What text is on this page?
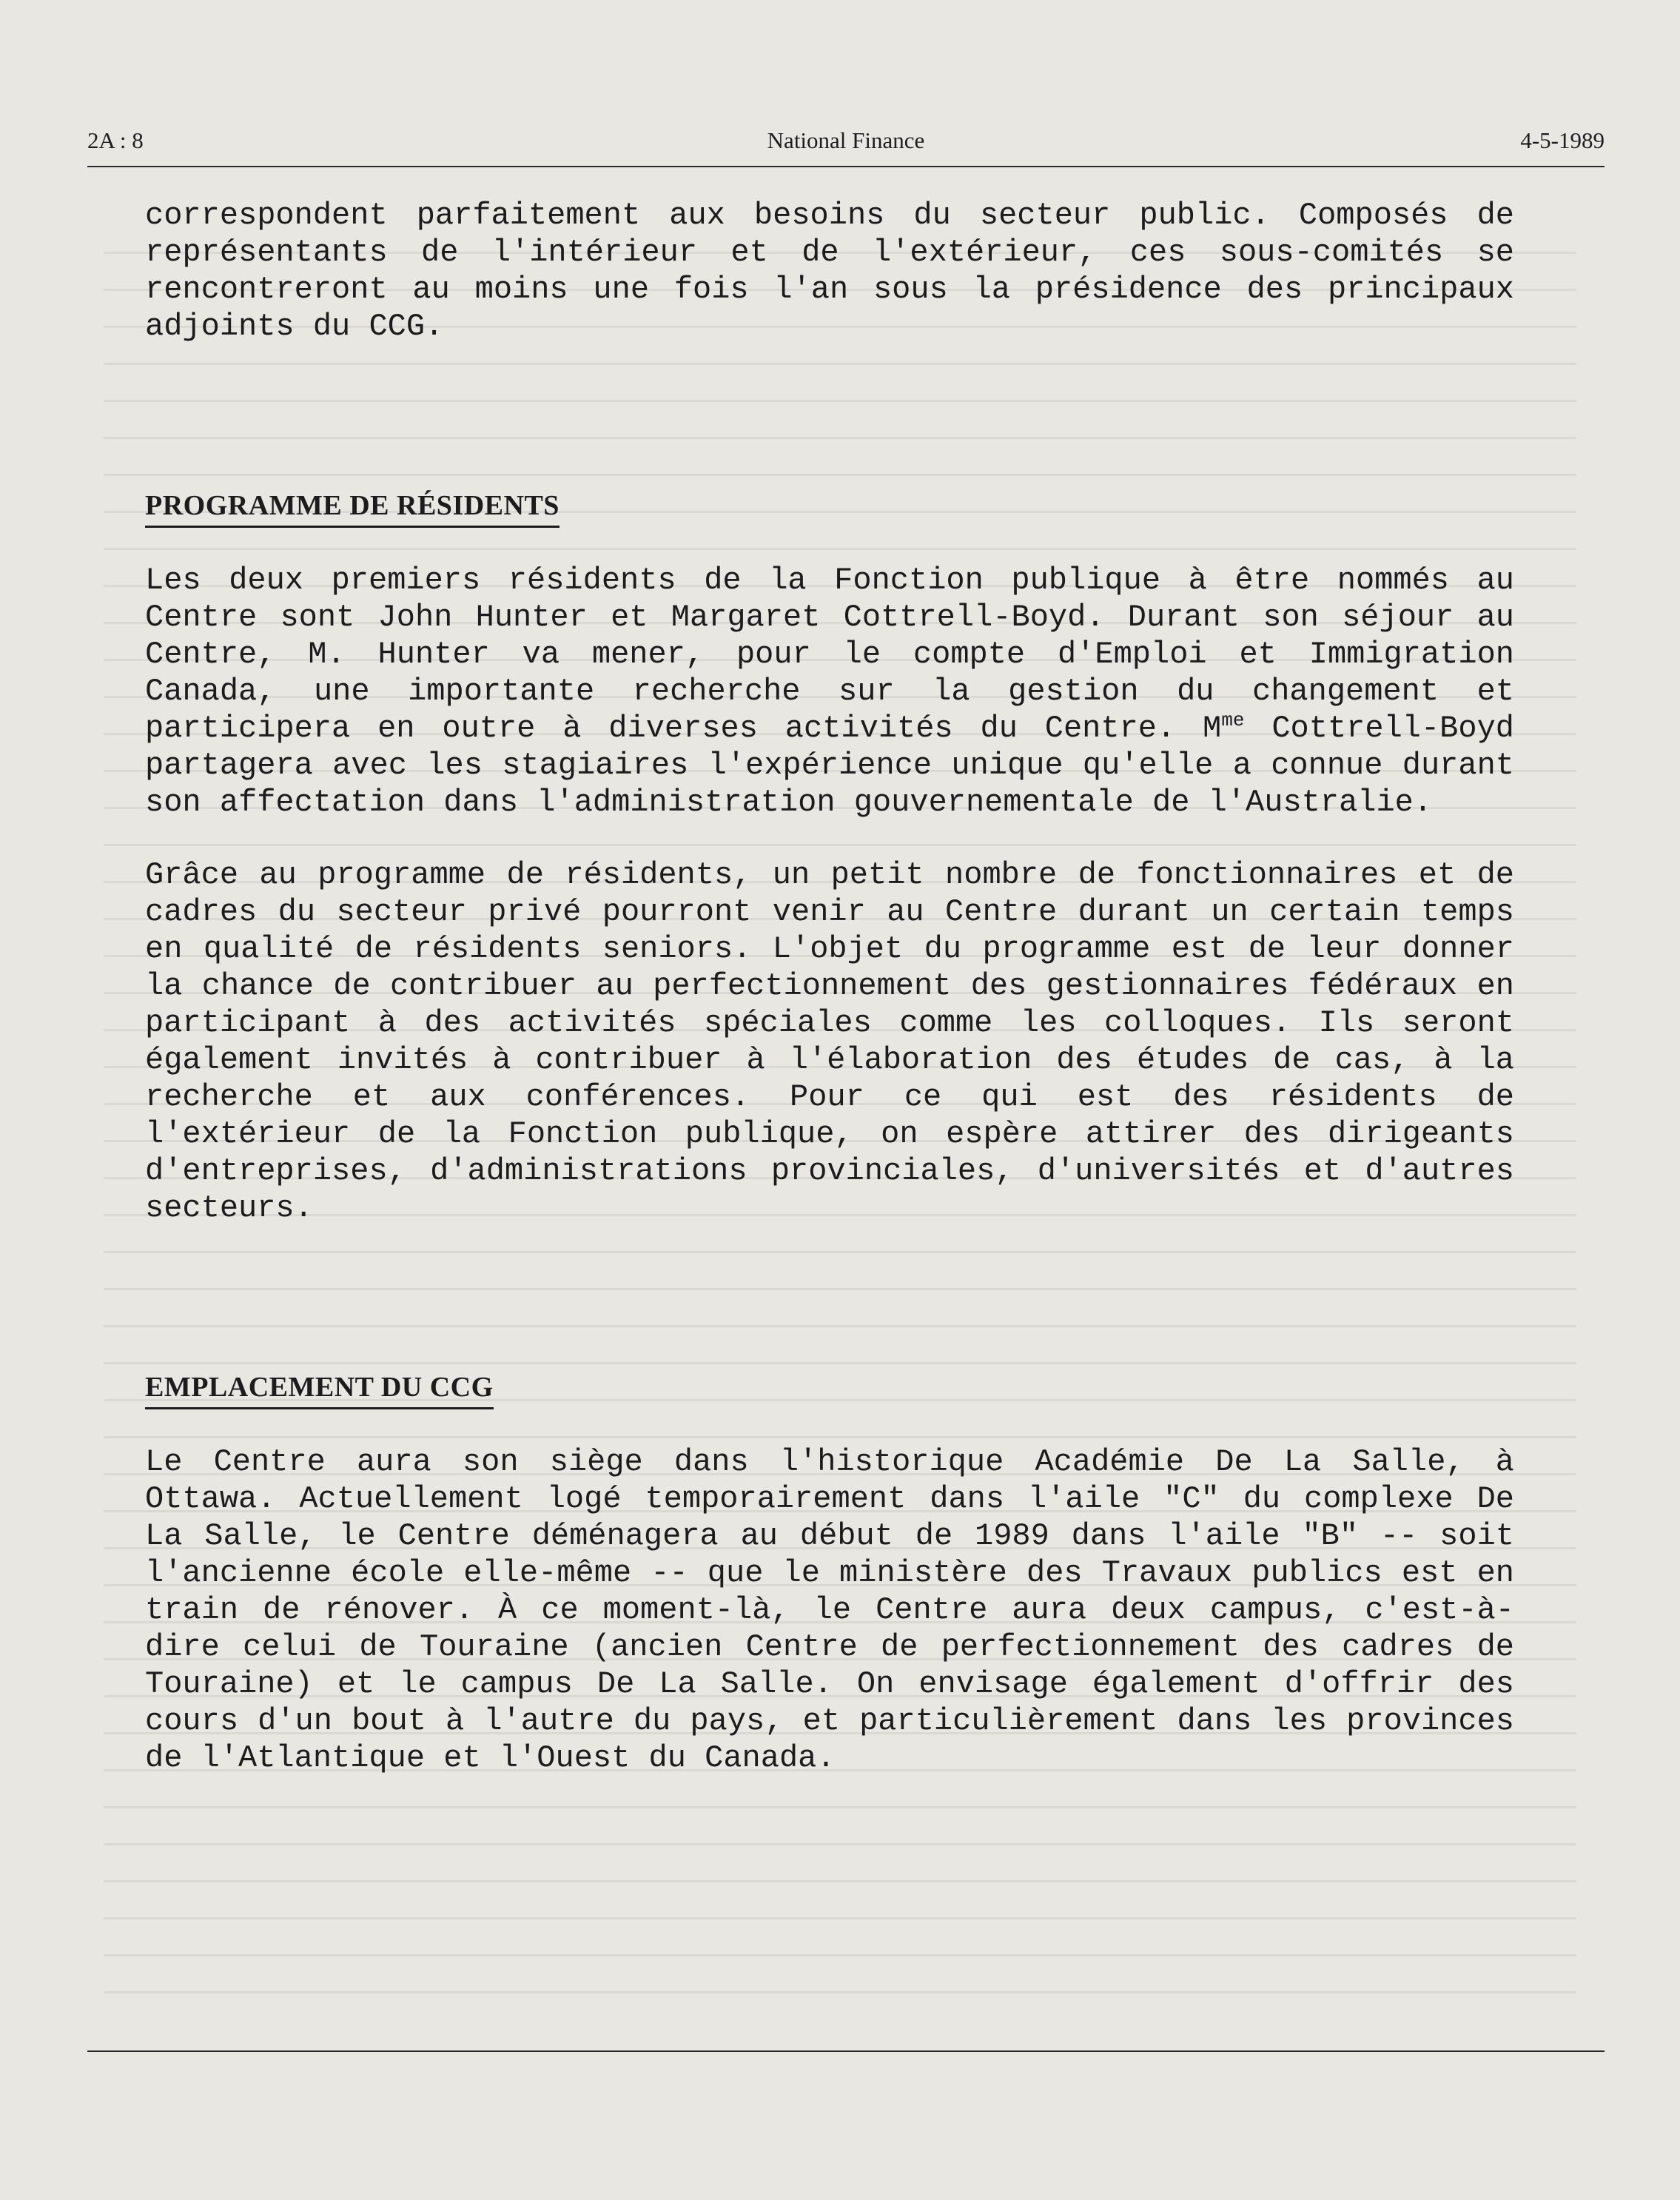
2A : 8	National Finance	4-5-1989

correspondent parfaitement aux besoins du secteur public. Composés de représentants de l'intérieur et de l'extérieur, ces sous-comités se rencontreront au moins une fois l'an sous la présidence des principaux adjoints du CCG.

PROGRAMME DE RÉSIDENTS

Les deux premiers résidents de la Fonction publique à être nommés au Centre sont John Hunter et Margaret Cottrell-Boyd. Durant son séjour au Centre, M. Hunter va mener, pour le compte d'Emploi et Immigration Canada, une importante recherche sur la gestion du changement et participera en outre à diverses activités du Centre. $M^{me}$ Cottrell-Boyd partagera avec les stagiaires l'expérience unique qu'elle a connue durant son affectation dans l'administration gouvernementale de l'Australie.

Grâce au programme de résidents, un petit nombre de fonctionnaires et de cadres du secteur privé pourront venir au Centre durant un certain temps en qualité de résidents seniors. L'objet du programme est de leur donner la chance de contribuer au perfectionnement des gestionnaires fédéraux en participant à des activités spéciales comme les colloques. Ils seront également invités à contribuer à l'élaboration des études de cas, à la recherche et aux conférences. Pour ce qui est des résidents de l'extérieur de la Fonction publique, on espère attirer des dirigeants d'entreprises, d'administrations provinciales, d'universités et d'autres secteurs.

EMPLACEMENT DU CCG

Le Centre aura son siège dans l'historique Académie De La Salle, à Ottawa. Actuellement logé temporairement dans l'aile "C" du complexe De La Salle, le Centre déménagera au début de 1989 dans l'aile "B" -- soit l'ancienne école elle-même -- que le ministère des Travaux publics est en train de rénover. À ce moment-là, le Centre aura deux campus, c'est-à-dire celui de Touraine (ancien Centre de perfectionnement des cadres de Touraine) et le campus De La Salle. On envisage également d'offrir des cours d'un bout à l'autre du pays, et particulièrement dans les provinces de l'Atlantique et l'Ouest du Canada.
